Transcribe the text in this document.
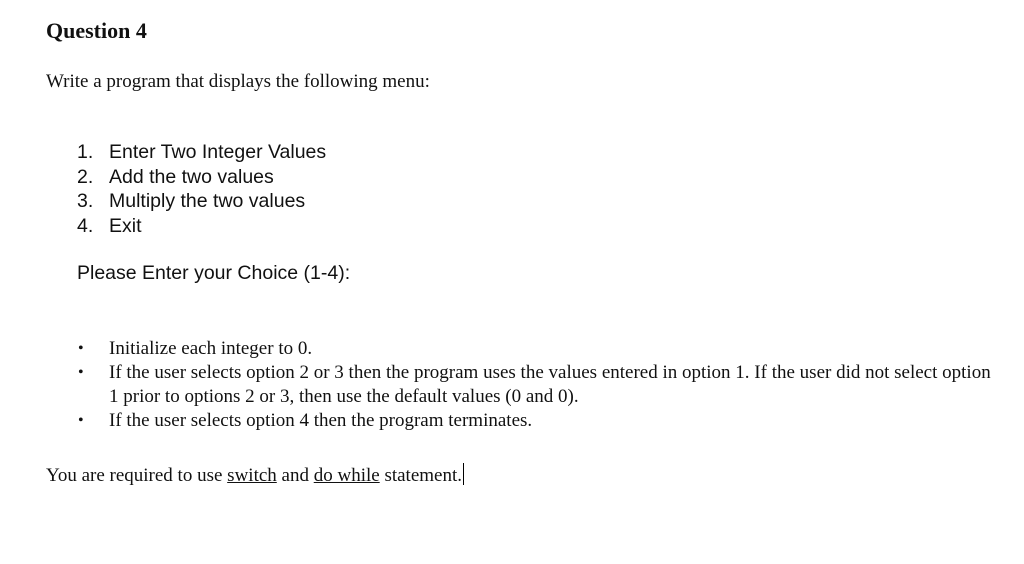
Question 4
Write a program that displays the following menu:
1. Enter Two Integer Values
2. Add the two values
3. Multiply the two values
4. Exit
Please Enter your Choice (1-4):
•	Initialize each integer to 0.
•	If the user selects option 2 or 3 then the program uses the values entered in option 1. If the user did not select option 1 prior to options 2 or 3, then use the default values (0 and 0).
•	If the user selects option 4 then the program terminates.
You are required to use switch and do while statement.
